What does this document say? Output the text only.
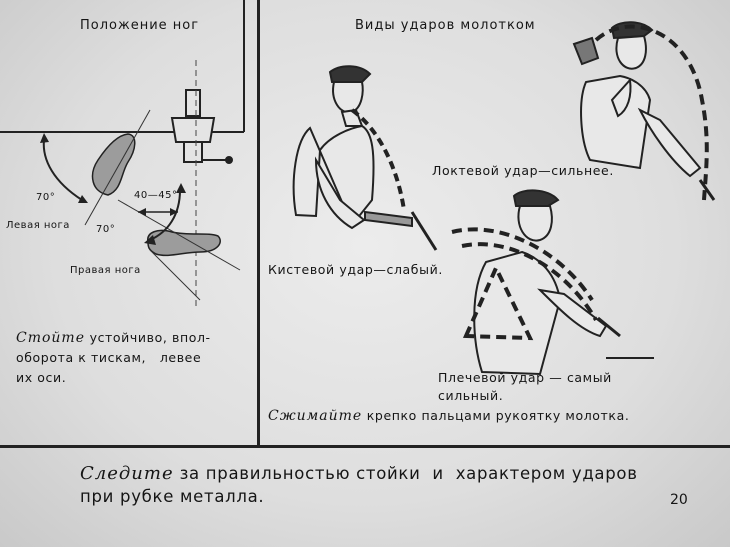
Положение ног
70°	40—45°
Левая нога	70°
Правая нога
Стойте устойчиво, впол-
оборота к тискам,   левее
их оси.
Виды ударов молотком
Локтевой удар—сильнее.
Кистевой удар—слабый.
Плечевой удар — самый
сильный.
Сжимайте крепко пальцами рукоятку молотка.
Следите за правильностью стойки  и  характером ударов
при рубке металла.	20
